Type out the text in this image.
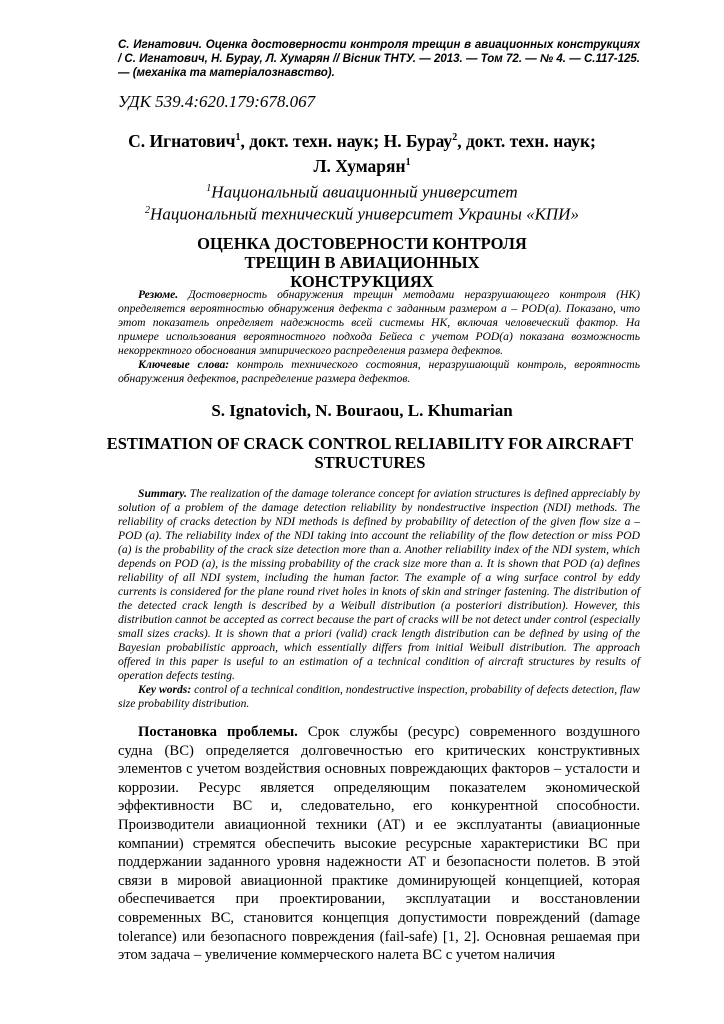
С. Игнатович. Оценка достоверности контроля трещин в авиационных конструкциях / С. Игнатович, Н. Бурау, Л. Хумарян // Вісник ТНТУ. — 2013. — Том 72. — № 4. — С.117-125. — (механіка та матеріалознавство).
УДК 539.4:620.179:678.067
С. Игнатович$^1$, докт. техн. наук; Н. Бурау$^2$, докт. техн. наук;
Л. Хумарян$^1$
$^1$Национальный авиационный университет
$^2$Национальный технический университет Украины «КПИ»
ОЦЕНКА ДОСТОВЕРНОСТИ КОНТРОЛЯ ТРЕЩИН В АВИАЦИОННЫХ КОНСТРУКЦИЯХ

Резюме. Достоверность обнаружения трещин методами неразрушающего контроля (НК) определяется вероятностью обнаружения дефекта с заданным размером a – POD(a). Показано, что этот показатель определяет надежность всей системы НК, включая человеческий фактор. На примере использования вероятностного подхода Бейеса с учетом POD(a) показана возможность некорректного обоснования эмпирического распределения размера дефектов.

Ключевые слова: контроль технического состояния, неразрушающий контроль, вероятность обнаружения дефектов, распределение размера дефектов.

S. Ignatovich, N. Bouraou, L. Khumarian
ESTIMATION OF CRACK CONTROL RELIABILITY FOR AIRCRAFT STRUCTURES

Summary. The realization of the damage tolerance concept for aviation structures is defined appreciably by solution of a problem of the damage detection reliability by nondestructive inspection (NDI) methods. The reliability of cracks detection by NDI methods is defined by probability of detection of the given flow size a – POD (a). The reliability index of the NDI taking into account the reliability of the flow detection or miss POD (a) is the probability of the crack size detection more than a. Another reliability index of the NDI system, which depends on POD (a), is the missing probability of the crack size more than a. It is shown that POD (a) defines reliability of all NDI system, including the human factor. The example of a wing surface control by eddy currents is considered for the plane round rivet holes in knots of skin and stringer fastening. The distribution of the detected crack length is described by a Weibull distribution (a posteriori distribution). However, this distribution cannot be accepted as correct because the part of cracks will be not detect under control (especially small sizes cracks). It is shown that a priori (valid) crack length distribution can be defined by using of the Bayesian probabilistic approach, which essentially differs from initial Weibull distribution. The approach offered in this paper is useful to an estimation of a technical condition of aircraft structures by results of operation defects testing.

Key words: control of a technical condition, nondestructive inspection, probability of defects detection, flaw size probability distribution.

Постановка проблемы. Срок службы (ресурс) современного воздушного судна (ВС) определяется долговечностью его критических конструктивных элементов с учетом воздействия основных повреждающих факторов – усталости и коррозии. Ресурс является определяющим показателем экономической эффективности ВС и, следовательно, его конкурентной способности. Производители авиационной техники (АТ) и ее эксплуатанты (авиационные компании) стремятся обеспечить высокие ресурсные характеристики ВС при поддержании заданного уровня надежности АТ и безопасности полетов. В этой связи в мировой авиационной практике доминирующей концепцией, которая обеспечивается при проектировании, эксплуатации и восстановлении современных ВС, становится концепция допустимости повреждений (damage tolerance) или безопасного повреждения (fail-safe) [1, 2]. Основная решаемая при этом задача – увеличение коммерческого налета ВС с учетом наличия
